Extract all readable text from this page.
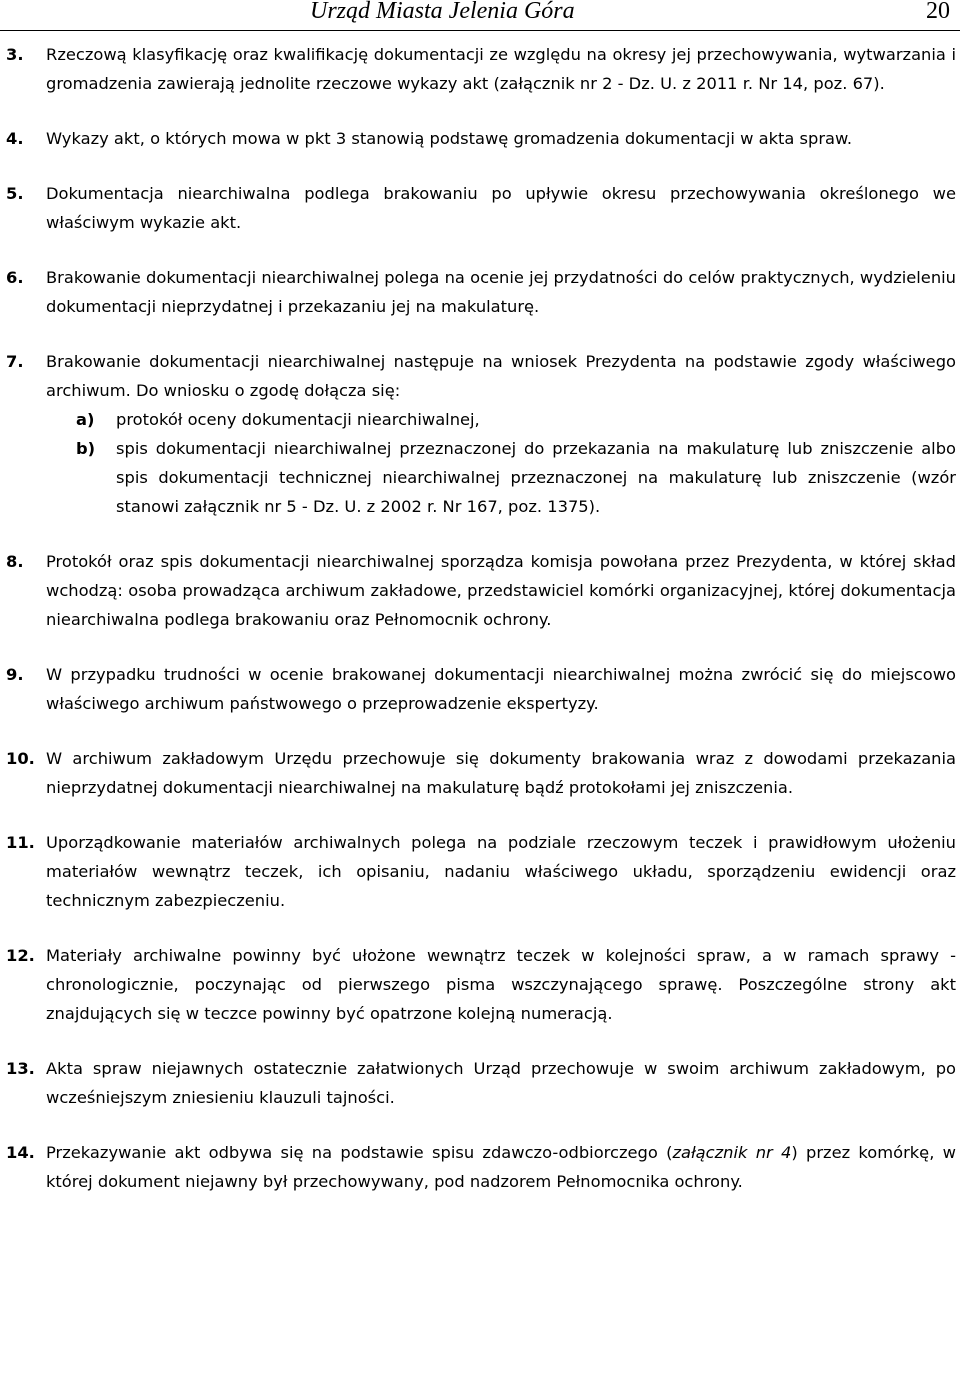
Urząd Miasta Jelenia Góra	20
3.	Rzeczową klasyfikację oraz kwalifikację dokumentacji ze względu na okresy jej przechowywania, wytwarzania i gromadzenia zawierają jednolite rzeczowe wykazy akt (załącznik nr 2 - Dz. U. z 2011 r. Nr 14, poz. 67).
4.	Wykazy akt, o których mowa w pkt 3 stanowią podstawę gromadzenia dokumentacji w akta spraw.
5.	Dokumentacja niearchiwalna podlega brakowaniu po upływie okresu przechowywania określonego we właściwym wykazie akt.
6.	Brakowanie dokumentacji niearchiwalnej polega na ocenie jej przydatności do celów praktycznych, wydzieleniu dokumentacji nieprzydatnej i przekazaniu jej na makulaturę.
7.	Brakowanie dokumentacji niearchiwalnej następuje na wniosek Prezydenta na podstawie zgody właściwego archiwum. Do wniosku o zgodę dołącza się:
a)	protokół oceny dokumentacji niearchiwalnej,
b)	spis dokumentacji niearchiwalnej przeznaczonej do przekazania na makulaturę lub zniszczenie albo spis dokumentacji technicznej niearchiwalnej przeznaczonej na makulaturę lub zniszczenie (wzór stanowi załącznik nr 5 - Dz. U. z 2002 r. Nr 167, poz. 1375).
8.	Protokół oraz spis dokumentacji niearchiwalnej sporządza komisja powołana przez Prezydenta, w której skład wchodzą: osoba prowadząca archiwum zakładowe, przedstawiciel komórki organizacyjnej, której dokumentacja niearchiwalna podlega brakowaniu oraz Pełnomocnik ochrony.
9.	W przypadku trudności w ocenie brakowanej dokumentacji niearchiwalnej można zwrócić się do miejscowo właściwego archiwum państwowego o przeprowadzenie ekspertyzy.
10. W archiwum zakładowym Urzędu przechowuje się dokumenty brakowania wraz z dowodami przekazania nieprzydatnej dokumentacji niearchiwalnej na makulaturę bądź protokołami jej zniszczenia.
11. Uporządkowanie materiałów archiwalnych polega na podziale rzeczowym teczek i prawidłowym ułożeniu materiałów wewnątrz teczek, ich opisaniu, nadaniu właściwego układu, sporządzeniu ewidencji oraz technicznym zabezpieczeniu.
12. Materiały archiwalne powinny być ułożone wewnątrz teczek w kolejności spraw, a w ramach sprawy - chronologicznie, poczynając od pierwszego pisma wszczynającego sprawę. Poszczególne strony akt znajdujących się w teczce powinny być opatrzone kolejną numeracją.
13. Akta spraw niejawnych ostatecznie załatwionych Urząd przechowuje w swoim archiwum zakładowym, po wcześniejszym zniesieniu klauzuli tajności.
14. Przekazywanie akt odbywa się na podstawie spisu zdawczo-odbiorczego (załącznik nr 4) przez komórkę, w której dokument niejawny był przechowywany, pod nadzorem Pełnomocnika ochrony.
